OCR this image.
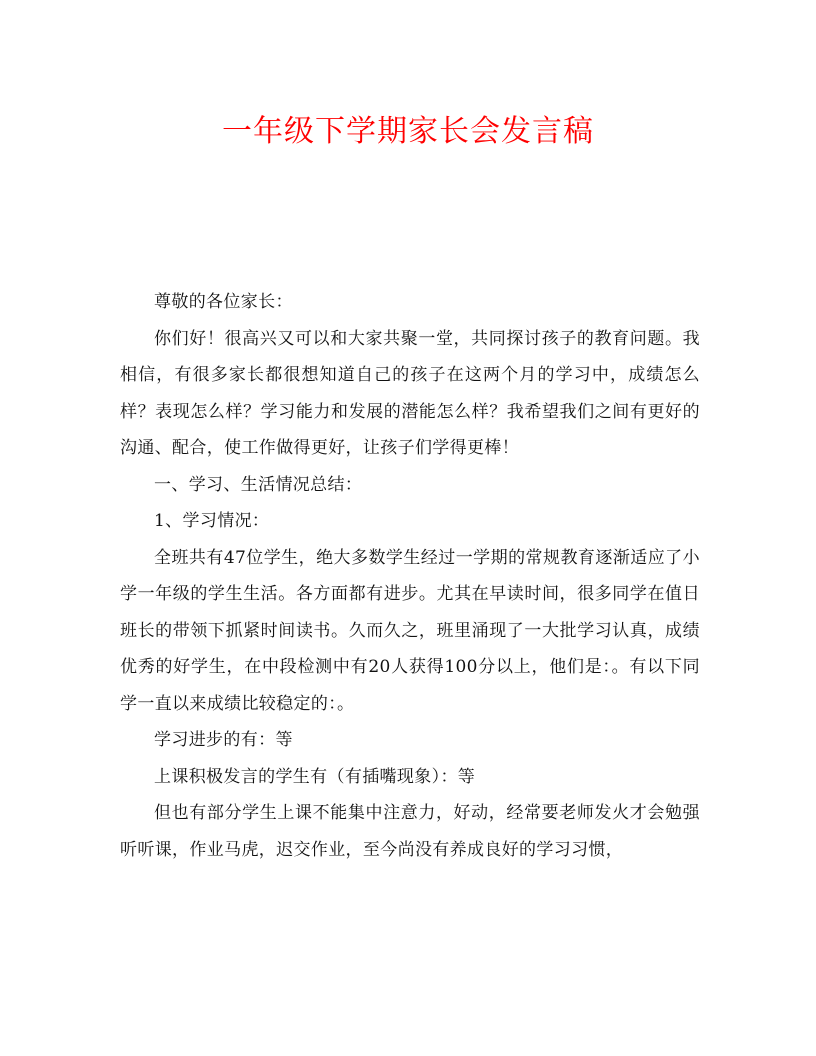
一年级下学期家长会发言稿

尊敬的各位家长：

你们好！很高兴又可以和大家共聚一堂，共同探讨孩子的教育问题。我相信，有很多家长都很想知道自己的孩子在这两个月的学习中，成绩怎么样？表现怎么样？学习能力和发展的潜能怎么样？我希望我们之间有更好的沟通、配合，使工作做得更好，让孩子们学得更棒！

一、学习、生活情况总结：

1、学习情况：

全班共有47位学生，绝大多数学生经过一学期的常规教育逐渐适应了小学一年级的学生生活。各方面都有进步。尤其在早读时间，很多同学在值日班长的带领下抓紧时间读书。久而久之，班里涌现了一大批学习认真，成绩优秀的好学生，在中段检测中有20人获得100分以上，他们是：。有以下同学一直以来成绩比较稳定的：。

学习进步的有：等

上课积极发言的学生有（有插嘴现象）：等

但也有部分学生上课不能集中注意力，好动，经常要老师发火才会勉强听听课，作业马虎，迟交作业，至今尚没有养成良好的学习习惯，
